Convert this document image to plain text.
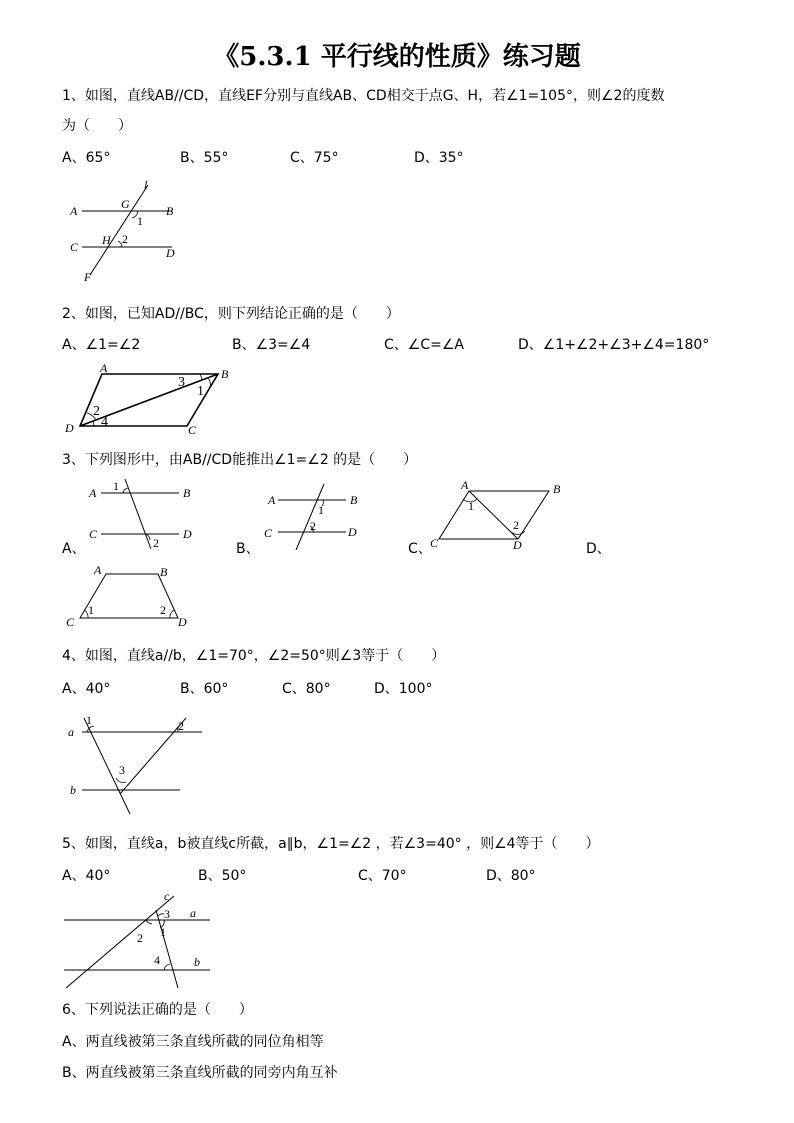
《5.3.1 平行线的性质》练习题
1、如图，直线AB//CD，直线EF分别与直线AB、CD相交于点G、H，若∠1=105°，则∠2的度数
为（　　）
A、65°	B、55°	C、75°	D、35°
l
A	G	B
1
C H 2
D
F
2、如图，已知AD//BC，则下列结论正确的是（　　）
A、∠1=∠2	B、∠3=∠4	C、∠C=∠A	D、∠1+∠2+∠3+∠4=180°
A	B
3
1
2
4
D	C
3、下列图形中，由AB//CD能推出∠1=∠2 的是（　　）
A、	B、	C、	D、
A 1	B
C
2
D
A	B
1
C	2	D
A	B
1
2
C	D
A	B
1	2
C	D
4、如图，直线a//b，∠1=70°，∠2=50°则∠3等于（　　）
A、40°	B、60°	C、80°	D、100°
1
a	2
3
b
5、如图，直线a，b被直线c所截，a∥b，∠1=∠2 ，若∠3=40° ，则∠4等于（　　）
A、40°	B、50°	C、70°	D、80°
c
3 a
1
2
4	b
6、下列说法正确的是（　　）
A、两直线被第三条直线所截的同位角相等
B、两直线被第三条直线所截的同旁内角互补
